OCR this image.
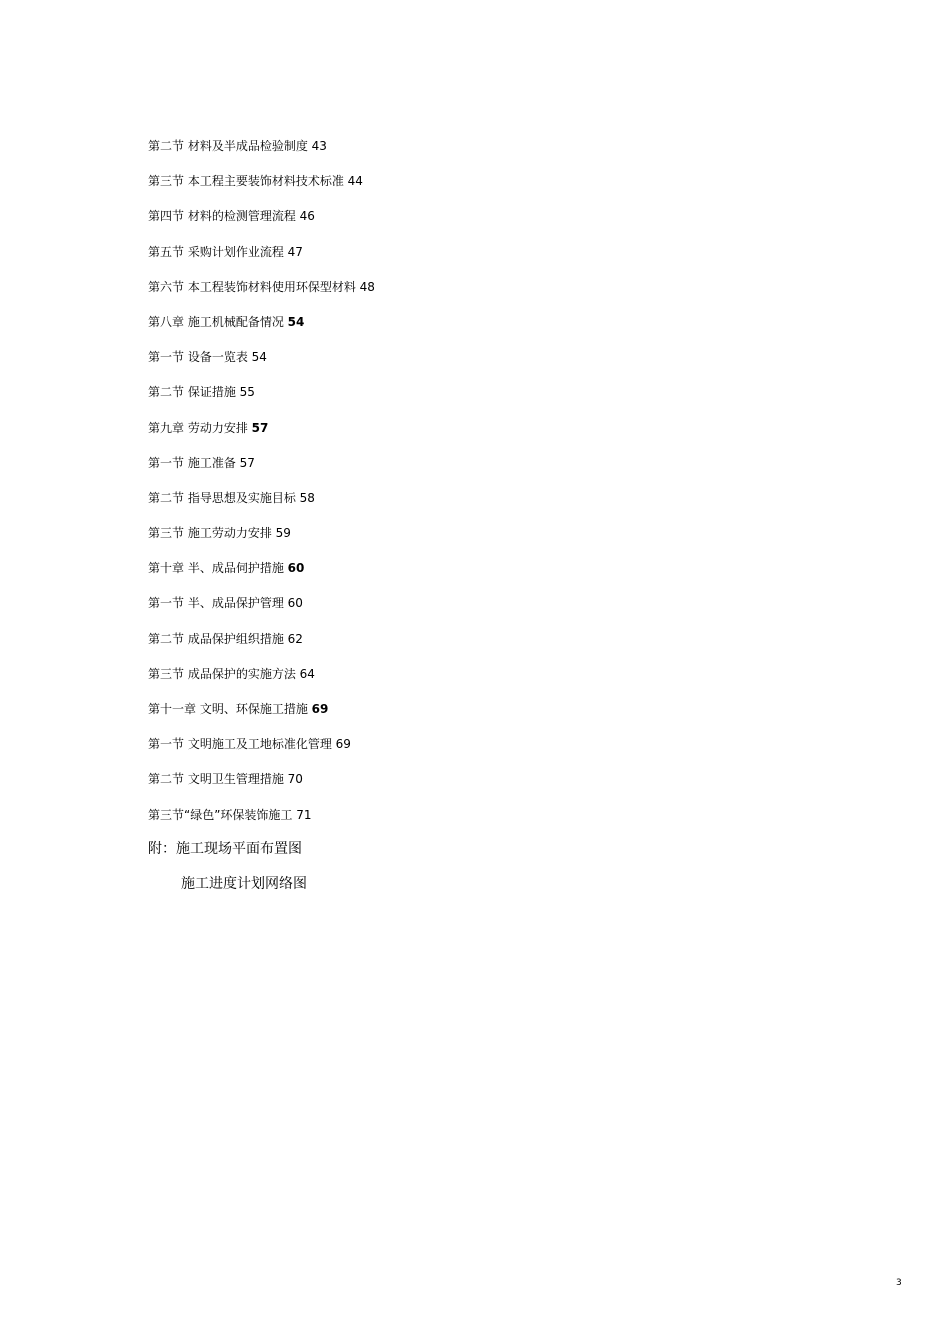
第二节 材料及半成品检验制度 43
第三节 本工程主要装饰材料技术标准 44
第四节 材料的检测管理流程 46
第五节 采购计划作业流程 47
第六节 本工程装饰材料使用环保型材料 48
第八章 施工机械配备情况 54
第一节 设备一览表 54
第二节 保证措施 55
第九章 劳动力安排 57
第一节 施工准备 57
第二节 指导思想及实施目标 58
第三节 施工劳动力安排 59
第十章 半、成品伺护措施 60
第一节 半、成品保护管理 60
第二节 成品保护组织措施 62
第三节 成品保护的实施方法 64
第十一章 文明、环保施工措施 69
第一节 文明施工及工地标准化管理 69
第二节 文明卫生管理措施 70
第三节“绿色”环保装饰施工 71
附：施工现场平面布置图
施工进度计划网络图
3
